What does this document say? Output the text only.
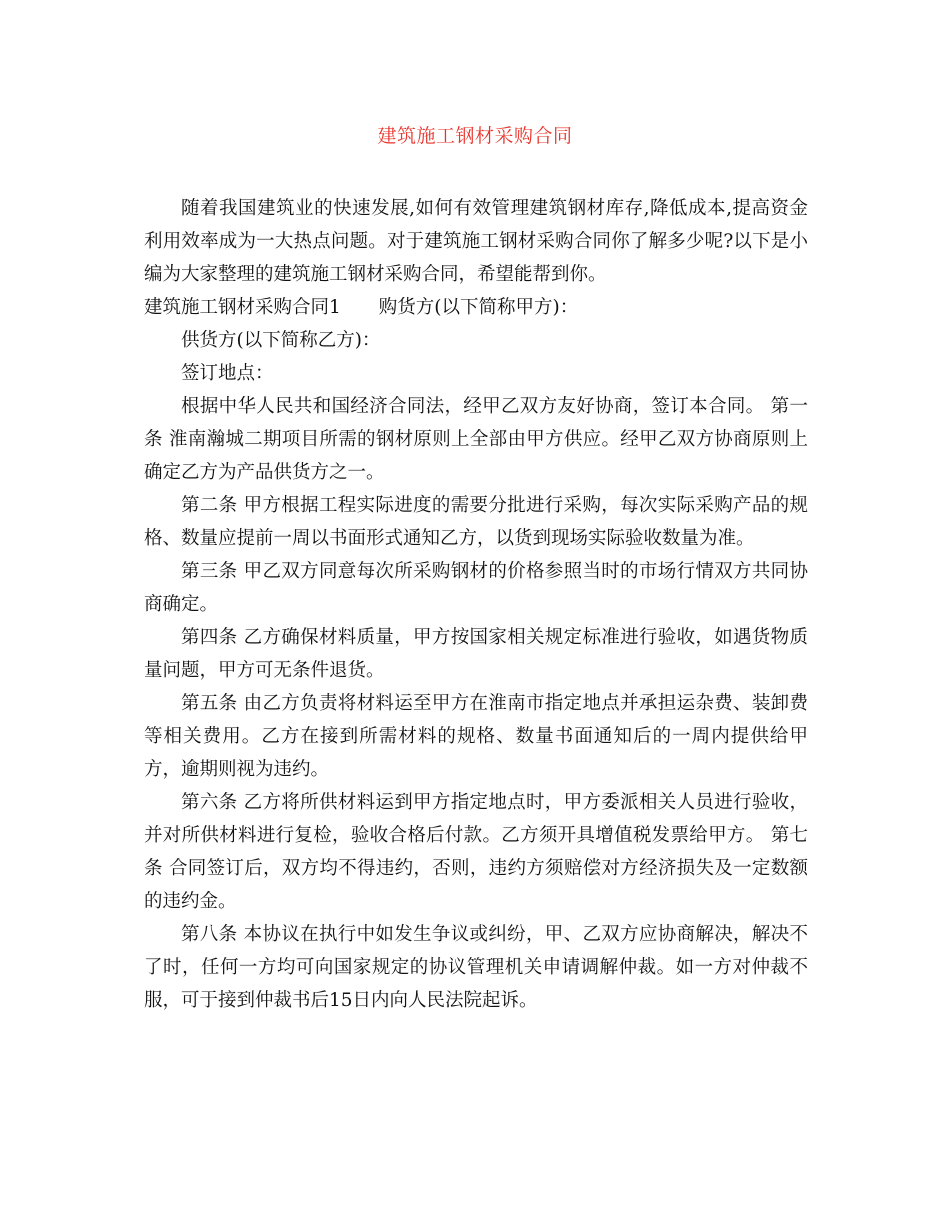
建筑施工钢材采购合同

随着我国建筑业的快速发展,如何有效管理建筑钢材库存,降低成本,提高资金利用效率成为一大热点问题。对于建筑施工钢材采购合同你了解多少呢?以下是小编为大家整理的建筑施工钢材采购合同，希望能帮到你。

建筑施工钢材采购合同1 购货方(以下简称甲方)：

供货方(以下简称乙方)：

签订地点：

根据中华人民共和国经济合同法，经甲乙双方友好协商，签订本合同。 第一条 淮南瀚城二期项目所需的钢材原则上全部由甲方供应。经甲乙双方协商原则上确定乙方为产品供货方之一。

第二条 甲方根据工程实际进度的需要分批进行采购，每次实际采购产品的规格、数量应提前一周以书面形式通知乙方，以货到现场实际验收数量为准。

第三条 甲乙双方同意每次所采购钢材的价格参照当时的市场行情双方共同协商确定。

第四条 乙方确保材料质量，甲方按国家相关规定标准进行验收，如遇货物质量问题，甲方可无条件退货。

第五条 由乙方负责将材料运至甲方在淮南市指定地点并承担运杂费、装卸费等相关费用。乙方在接到所需材料的规格、数量书面通知后的一周内提供给甲方，逾期则视为违约。

第六条 乙方将所供材料运到甲方指定地点时，甲方委派相关人员进行验收，并对所供材料进行复检，验收合格后付款。乙方须开具增值税发票给甲方。 第七条 合同签订后，双方均不得违约，否则，违约方须赔偿对方经济损失及一定数额的违约金。

第八条 本协议在执行中如发生争议或纠纷，甲、乙双方应协商解决，解决不了时，任何一方均可向国家规定的协议管理机关申请调解仲裁。如一方对仲裁不服，可于接到仲裁书后15日内向人民法院起诉。
